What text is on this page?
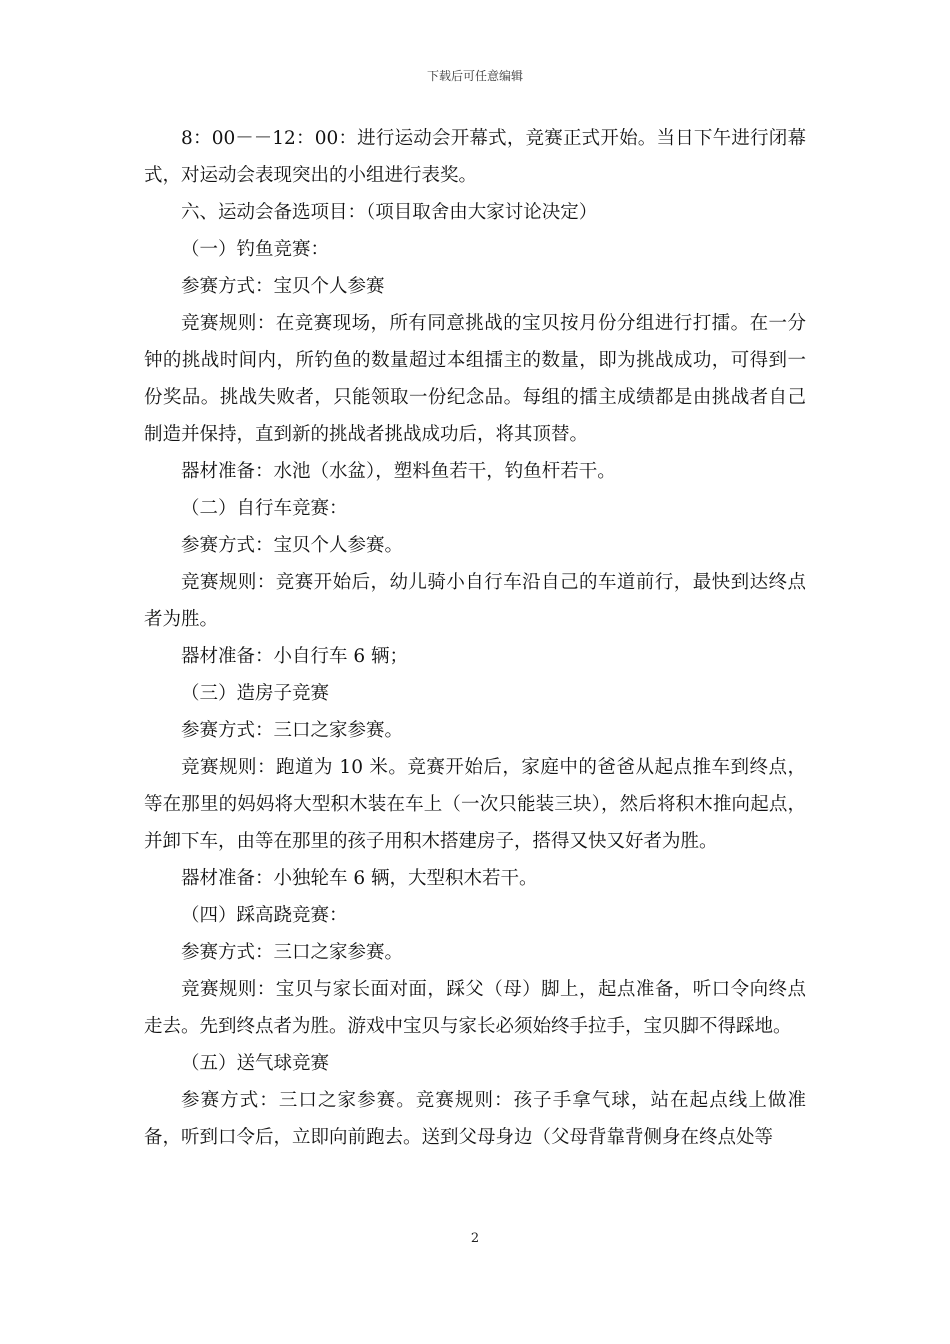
下载后可任意编辑

8：00－－12：00：进行运动会开幕式，竞赛正式开始。当日下午进行闭幕式，对运动会表现突出的小组进行表奖。

六、运动会备选项目：（项目取舍由大家讨论决定）

（一）钓鱼竞赛：

参赛方式：宝贝个人参赛

竞赛规则：在竞赛现场，所有同意挑战的宝贝按月份分组进行打擂。在一分钟的挑战时间内，所钓鱼的数量超过本组擂主的数量，即为挑战成功，可得到一份奖品。挑战失败者，只能领取一份纪念品。每组的擂主成绩都是由挑战者自己制造并保持，直到新的挑战者挑战成功后，将其顶替。

器材准备：水池（水盆），塑料鱼若干，钓鱼杆若干。

（二）自行车竞赛：

参赛方式：宝贝个人参赛。

竞赛规则：竞赛开始后，幼儿骑小自行车沿自己的车道前行，最快到达终点者为胜。

器材准备：小自行车 6 辆；

（三）造房子竞赛

参赛方式：三口之家参赛。

竞赛规则：跑道为 10 米。竞赛开始后，家庭中的爸爸从起点推车到终点，等在那里的妈妈将大型积木装在车上（一次只能装三块），然后将积木推向起点，并卸下车，由等在那里的孩子用积木搭建房子，搭得又快又好者为胜。

器材准备：小独轮车 6 辆，大型积木若干。

（四）踩高跷竞赛：

参赛方式：三口之家参赛。

竞赛规则：宝贝与家长面对面，踩父（母）脚上，起点准备，听口令向终点走去。先到终点者为胜。游戏中宝贝与家长必须始终手拉手，宝贝脚不得踩地。

（五）送气球竞赛

参赛方式：三口之家参赛。竞赛规则：孩子手拿气球，站在起点线上做准备，听到口令后，立即向前跑去。送到父母身边（父母背靠背侧身在终点处等

2
